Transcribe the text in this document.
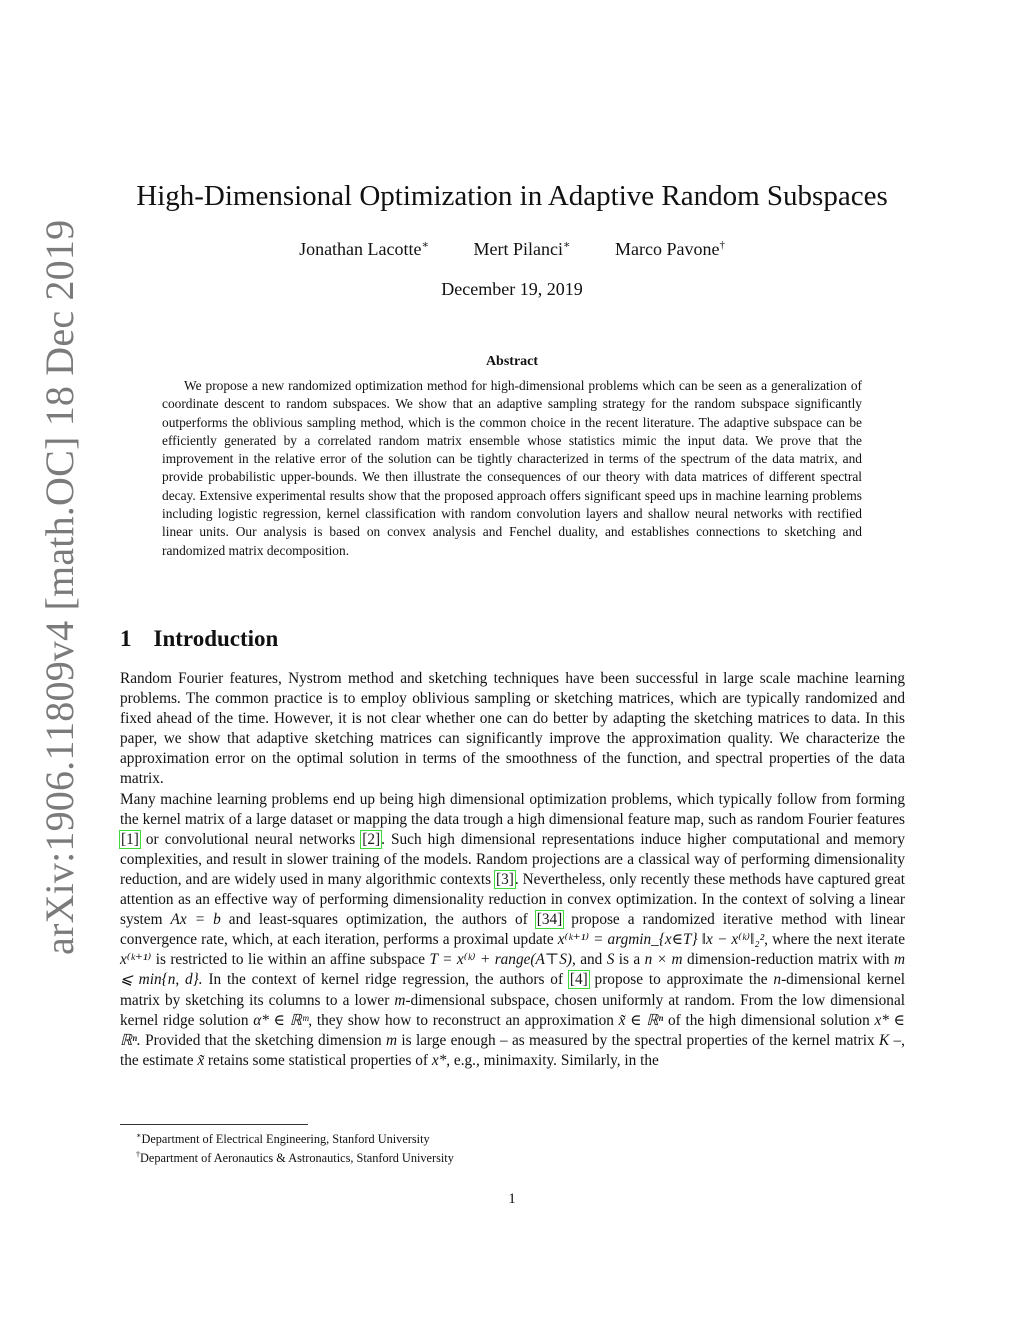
arXiv:1906.11809v4 [math.OC] 18 Dec 2019
High-Dimensional Optimization in Adaptive Random Subspaces
Jonathan Lacotte∗ Mert Pilanci∗ Marco Pavone†
December 19, 2019
Abstract
We propose a new randomized optimization method for high-dimensional problems which can be seen as a generalization of coordinate descent to random subspaces. We show that an adaptive sampling strategy for the random subspace significantly outperforms the oblivious sampling method, which is the common choice in the recent literature. The adaptive subspace can be efficiently generated by a correlated random matrix ensemble whose statistics mimic the input data. We prove that the improvement in the relative error of the solution can be tightly characterized in terms of the spectrum of the data matrix, and provide probabilistic upper-bounds. We then illustrate the consequences of our theory with data matrices of different spectral decay. Extensive experimental results show that the proposed approach offers significant speed ups in machine learning problems including logistic regression, kernel classification with random convolution layers and shallow neural networks with rectified linear units. Our analysis is based on convex analysis and Fenchel duality, and establishes connections to sketching and randomized matrix decomposition.
1 Introduction

Random Fourier features, Nystrom method and sketching techniques have been successful in large scale machine learning problems. The common practice is to employ oblivious sampling or sketching matrices, which are typically randomized and fixed ahead of the time. However, it is not clear whether one can do better by adapting the sketching matrices to data. In this paper, we show that adaptive sketching matrices can significantly improve the approximation quality. We characterize the approximation error on the optimal solution in terms of the smoothness of the function, and spectral properties of the data matrix.

Many machine learning problems end up being high dimensional optimization problems, which typically follow from forming the kernel matrix of a large dataset or mapping the data trough a high dimensional feature map, such as random Fourier features [1] or convolutional neural networks [2]. Such high dimensional representations induce higher computational and memory complexities, and result in slower training of the models. Random projections are a classical way of performing dimensionality reduction, and are widely used in many algorithmic contexts [3]. Nevertheless, only recently these methods have captured great attention as an effective way of performing dimensionality reduction in convex optimization. In the context of solving a linear system Ax = b and least-squares optimization, the authors of [34] propose a randomized iterative method with linear convergence rate, which, at each iteration, performs a proximal update x⁽ᵏ⁺¹⁾ = argmin_{x∈T} ‖x − x⁽ᵏ⁾‖₂², where the next iterate x⁽ᵏ⁺¹⁾ is restricted to lie within an affine subspace T = x⁽ᵏ⁾ + range(A⊤S), and S is a n × m dimension-reduction matrix with m ⩽ min{n, d}. In the context of kernel ridge regression, the authors of [4] propose to approximate the n-dimensional kernel matrix by sketching its columns to a lower m-dimensional subspace, chosen uniformly at random. From the low dimensional kernel ridge solution α* ∈ ℝᵐ, they show how to reconstruct an approximation x̃ ∈ ℝⁿ of the high dimensional solution x* ∈ ℝⁿ. Provided that the sketching dimension m is large enough – as measured by the spectral properties of the kernel matrix K –, the estimate x̃ retains some statistical properties of x*, e.g., minimaxity. Similarly, in the

∗Department of Electrical Engineering, Stanford University
†Department of Aeronautics & Astronautics, Stanford University
1
